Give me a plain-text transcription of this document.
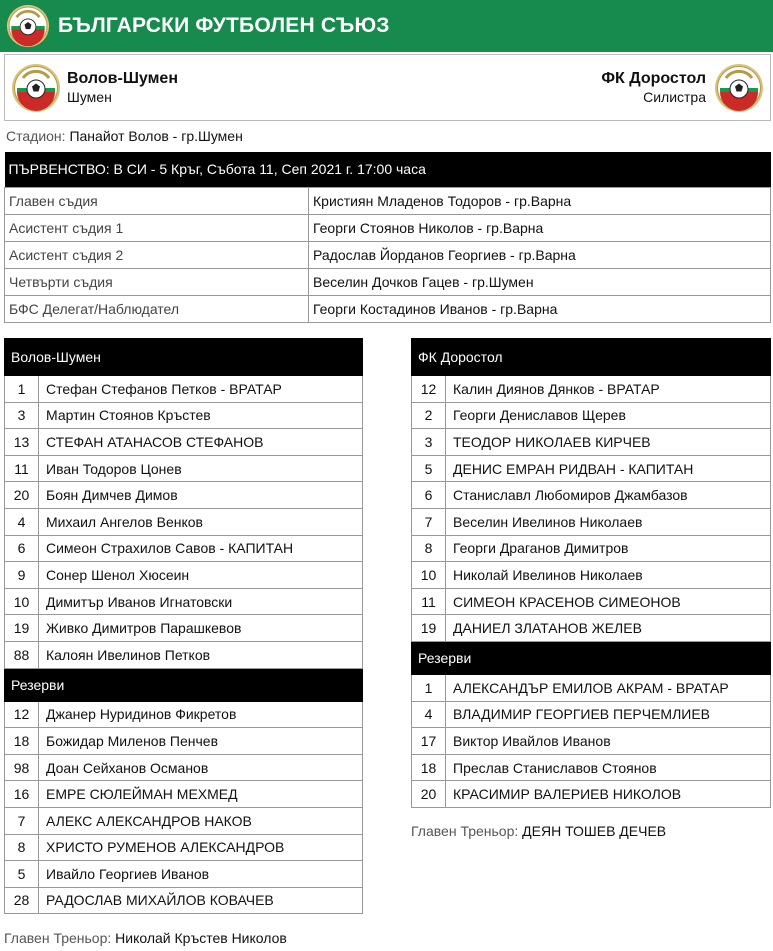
БЪЛГАРСКИ ФУТБОЛЕН СЪЮЗ
Волов-Шумен
Шумен
ФК Доростол
Силистра
Стадион: Панайот Волов - гр.Шумен
ПЪРВЕНСТВО: В СИ - 5 Кръг, Събота 11, Сеп 2021 г. 17:00 часа	
Главен съдия	Кристиян Младенов Тодоров - гр.Варна
Асистент съдия 1	Георги Стоянов Николов - гр.Варна
Асистент съдия 2	Радослав Йорданов Георгиев - гр.Варна
Четвърти съдия	Веселин Дочков Гацев - гр.Шумен
БФС Делегат/Наблюдател	Георги Костадинов Иванов - гр.Варна
Волов-Шумен	
1	Стефан Стефанов Петков - ВРАТАР
3	Мартин Стоянов Кръстев
13	СТЕФАН АТАНАСОВ СТЕФАНОВ
11	Иван Тодоров Цонев
20	Боян Димчев Димов
4	Михаил Ангелов Венков
6	Симеон Страхилов Савов - КАПИТАН
9	Сонер Шенол Хюсеин
10	Димитър Иванов Игнатовски
19	Живко Димитров Парашкевов
88	Калоян Ивелинов Петков
Резерви	
12	Джанер Нуридинов Фикретов
18	Божидар Миленов Пенчев
98	Доан Сейханов Османов
16	ЕМРЕ СЮЛЕЙМАН МЕХМЕД
7	АЛЕКС АЛЕКСАНДРОВ НАКОВ
8	ХРИСТО РУМЕНОВ АЛЕКСАНДРОВ
5	Ивайло Георгиев Иванов
28	РАДОСЛАВ МИХАЙЛОВ КОВАЧЕВ
Главен Треньор: Николай Кръстев Николов
ФК Доростол	
12	Калин Диянов Дянков - ВРАТАР
2	Георги Дениславов Щерев
3	ТЕОДОР НИКОЛАЕВ КИРЧЕВ
5	ДЕНИС ЕМРАН РИДВАН - КАПИТАН
6	Станиславл Любомиров Джамбазов
7	Веселин Ивелинов Николаев
8	Георги Драганов Димитров
10	Николай Ивелинов Николаев
11	СИМЕОН КРАСЕНОВ СИМЕОНОВ
19	ДАНИЕЛ ЗЛАТАНОВ ЖЕЛЕВ
Резерви	
1	АЛЕКСАНДЪР ЕМИЛОВ АКРАМ - ВРАТАР
4	ВЛАДИМИР ГЕОРГИЕВ ПЕРЧЕМЛИЕВ
17	Виктор Ивайлов Иванов
18	Преслав Станиславов Стоянов
20	КРАСИМИР ВАЛЕРИЕВ НИКОЛОВ
Главен Треньор: ДЕЯН ТОШЕВ ДЕЧЕВ
